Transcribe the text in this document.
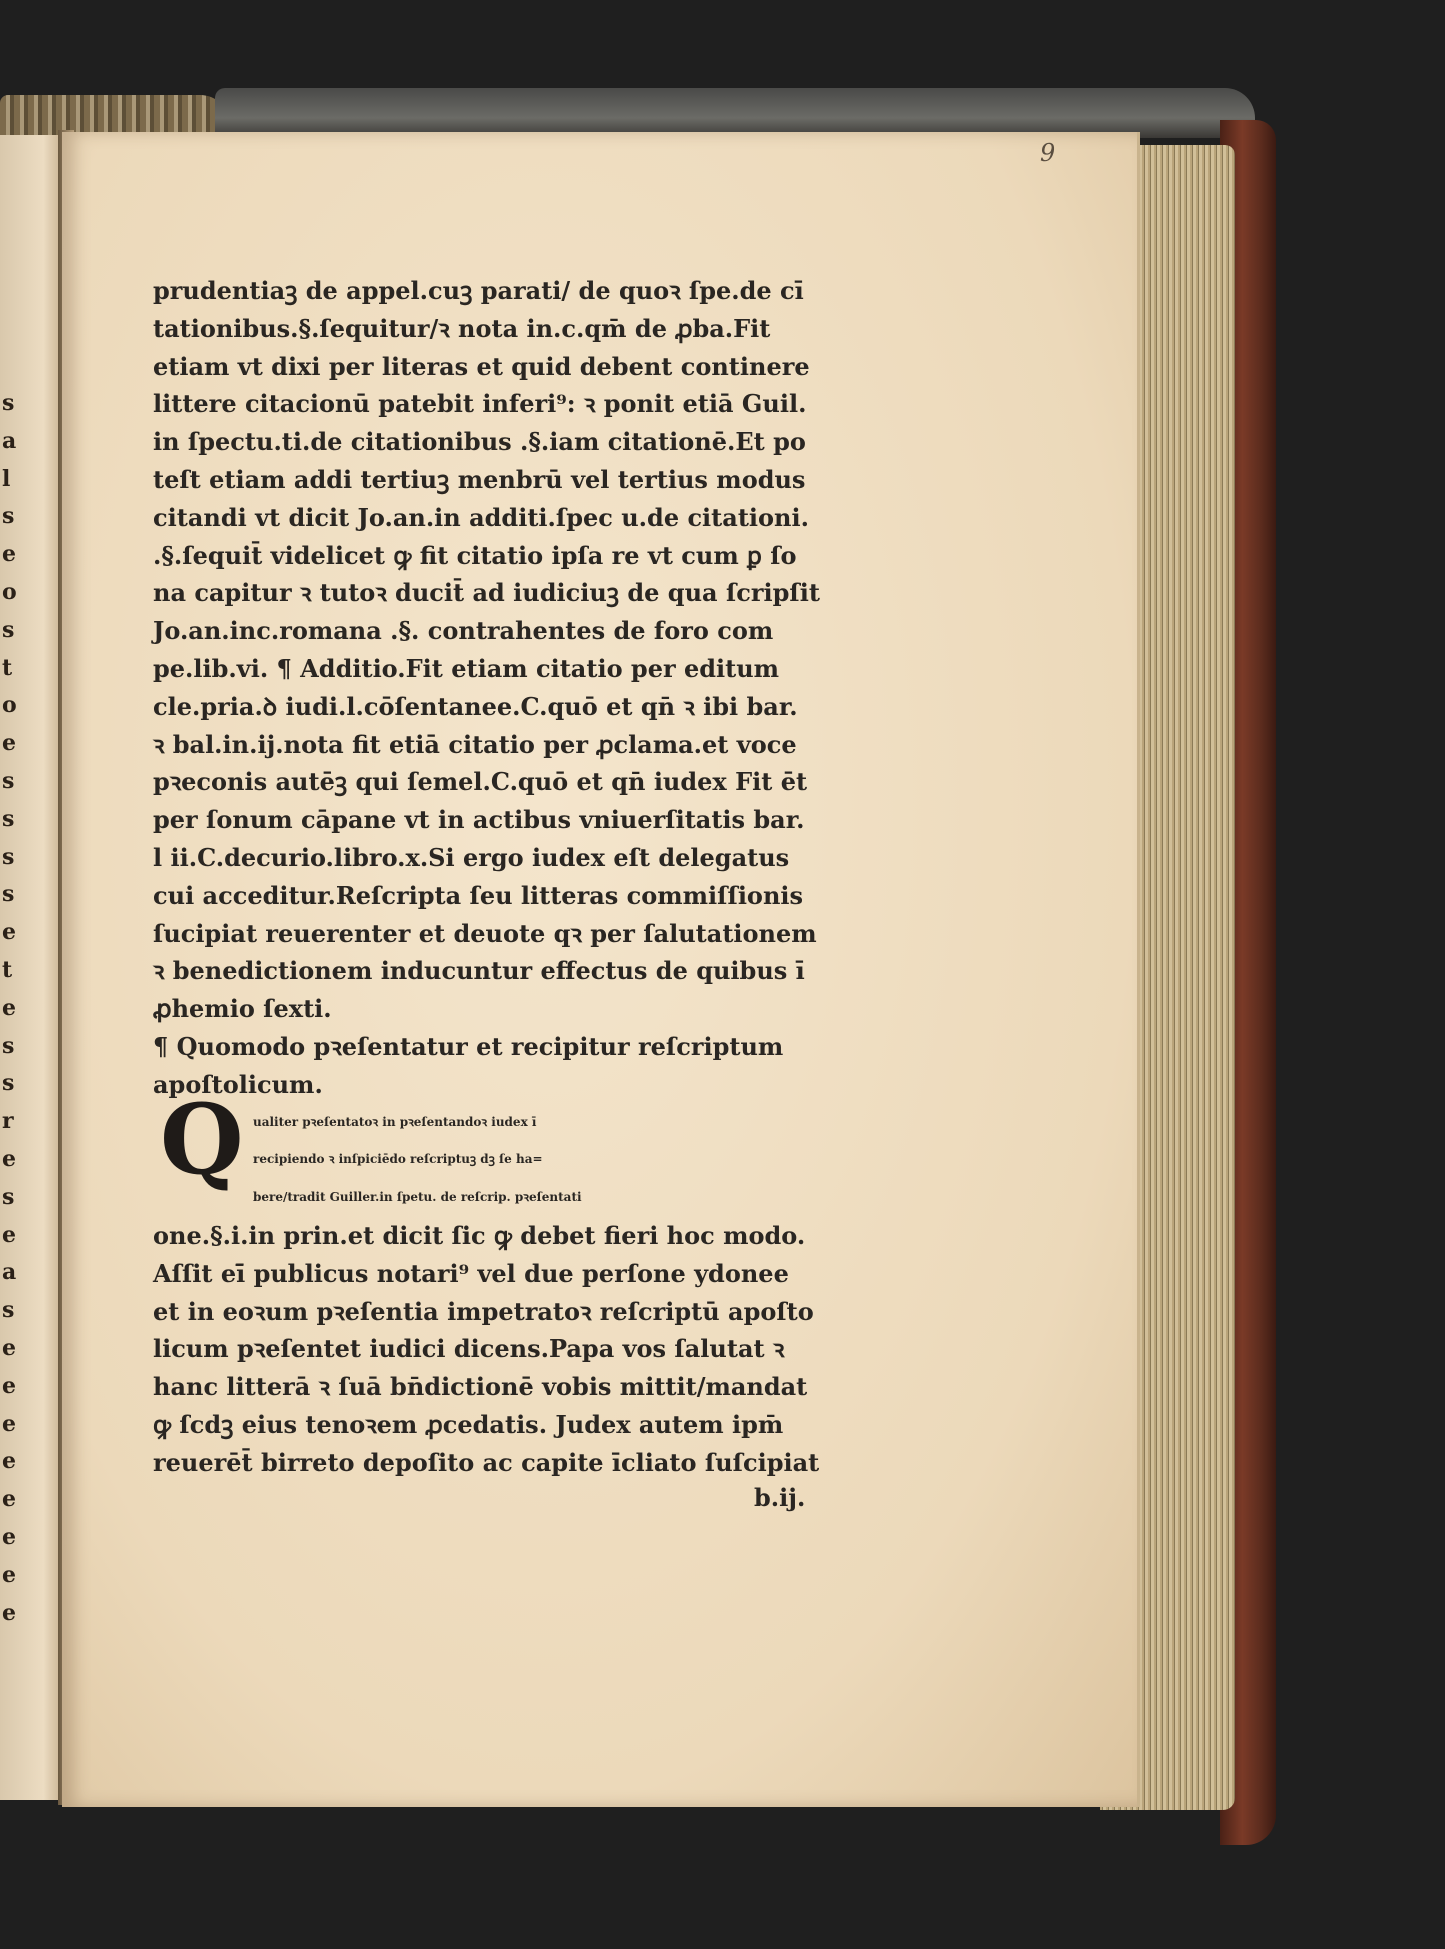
s
a
l
s
e
o
s
t
o
e
s
s
s
s
e
t
e
s
s
r
e
s
e
a
s
e
e
e
e
e
e
e
e
9
prudentiaꝫ de appel.cuꝫ parati/ de quoꝛ ſpe.de cī
tationibus.§.ſequitur/ꝛ nota in.c.qm̄ de ꝓba.Fit
etiam vt dixi per literas et quid debent continere
littere citacionū patebit inferi⁹: ꝛ ponit etiā Guil.
in ſpectu.ti.de citationibus .§.iam citationē.Et po
teſt etiam addi tertiuꝫ menbrū vel tertius modus
citandi vt dicit Jo.an.in additi.ſpec u.de citationi.
.§.ſequit̄ videlicet ꝙ fit citatio ipſa re vt cum ꝑ ſo
na capitur ꝛ tutoꝛ ducit̄ ad iudiciuꝫ de qua ſcripſit
Jo.an.inc.romana .§. contrahentes de foro com
pe.lib.vi. ¶ Additio.Fit etiam citatio per editum
cle.pria.ꝺ iudi.l.cōſentanee.C.quō et qn̄ ꝛ ibi bar.
ꝛ bal.in.ij.nota fit etiā citatio per ꝓclama.et voce
pꝛeconis autēꝫ qui ſemel.C.quō et qn̄ iudex Fit ēt
per ſonum cāpane vt in actibus vniuerſitatis bar.
l ii.C.decurio.libro.x.Si ergo iudex eſt delegatus
cui acceditur.Reſcripta ſeu litteras commiſſionis
ſucipiat reuerenter et deuote qꝛ per ſalutationem
ꝛ benedictionem inducuntur effectus de quibus ī
ꝓhemio ſexti.
¶ Quomodo pꝛeſentatur et recipitur reſcriptum
apoſtolicum.
ualiter pꝛeſentatoꝛ in pꝛeſentandoꝛ iudex ī
recipiendo ꝛ inſpiciēdo reſcriptuꝫ dꝫ ſe ha=
bere/tradit Guiller.in ſpetu. de reſcrip. pꝛeſentati
one.§.i.in prin.et dicit ſic ꝙ debet fieri hoc modo.
Aſſit eī̄ publicus notari⁹ vel due perſone ydonee
et in eoꝛum pꝛeſentia impetratoꝛ reſcriptū apoſto
licum pꝛeſentet iudici dicens.Papa vos ſalutat ꝛ
hanc litterā ꝛ ſuā bn̄dictionē vobis mittit/mandat
ꝙ ſcdꝫ eius tenoꝛem ꝓcedatis. Judex autem ipm̄
reuerēt̄ birreto depoſito ac capite īcliato ſuſcipiat
Q
b.ij.
